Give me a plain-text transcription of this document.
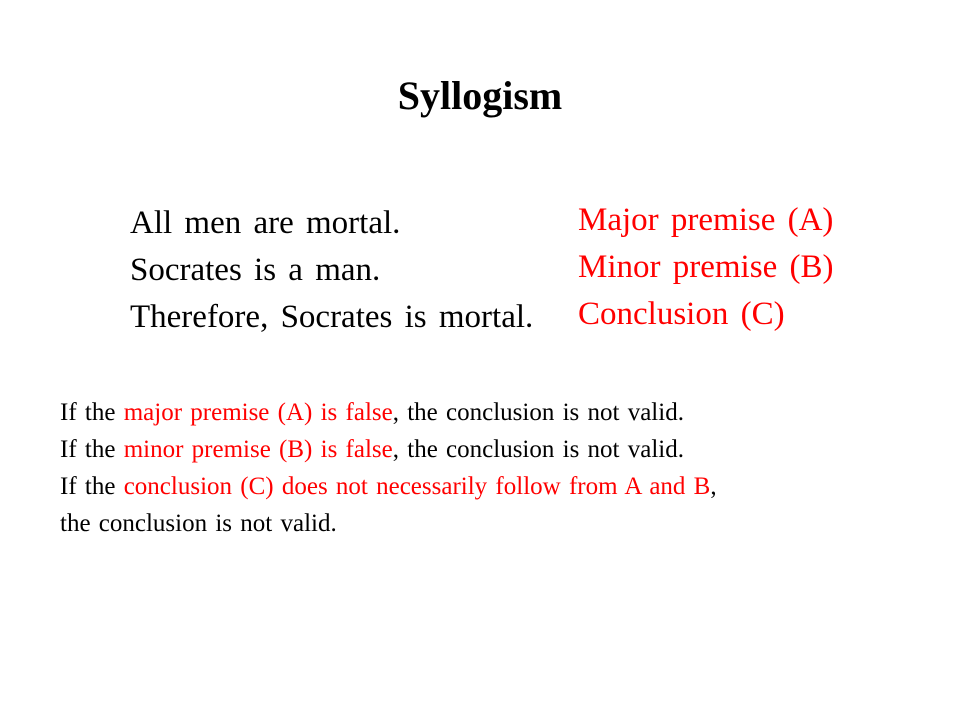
Syllogism
All men are mortal.
Socrates is a man.
Therefore, Socrates is mortal.
Major premise (A)
Minor premise (B)
Conclusion (C)
If the major premise (A) is false, the conclusion is not valid.
If the minor premise (B) is false, the conclusion is not valid.
If the conclusion (C) does not necessarily follow from A and B,
the conclusion is not valid.
